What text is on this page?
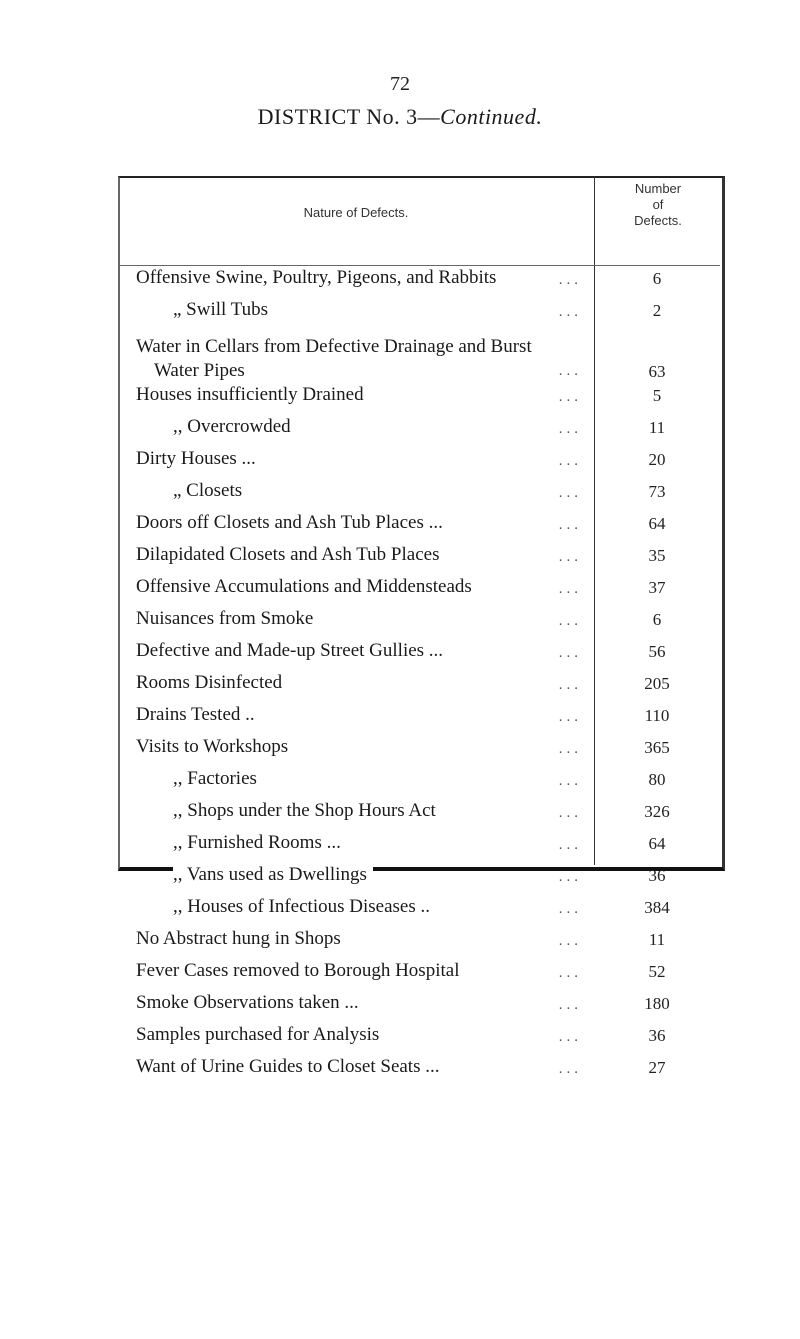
72
DISTRICT No. 3—Continued.
Nature of Defects.
Number
of
Defects.
Offensive Swine, Poultry, Pigeons, and Rabbits	...	6
„ Swill Tubs	...	2
Water in Cellars from Defective Drainage and Burst
Water Pipes	...	63
Houses insufficiently Drained	...	5
,, Overcrowded	...	11
Dirty Houses ...	...	20
„ Closets	...	73
Doors off Closets and Ash Tub Places ...	...	64
Dilapidated Closets and Ash Tub Places	...	35
Offensive Accumulations and Middensteads	...	37
Nuisances from Smoke	...	6
Defective and Made-up Street Gullies ...	...	56
Rooms Disinfected	...	205
Drains Tested ..	...	110
Visits to Workshops	...	365
,, Factories	...	80
,, Shops under the Shop Hours Act	...	326
,, Furnished Rooms ...	...	64
,, Vans used as Dwellings	...	36
,, Houses of Infectious Diseases ..	...	384
No Abstract hung in Shops	...	11
Fever Cases removed to Borough Hospital	...	52
Smoke Observations taken ...	...	180
Samples purchased for Analysis	...	36
Want of Urine Guides to Closet Seats ...	...	27
